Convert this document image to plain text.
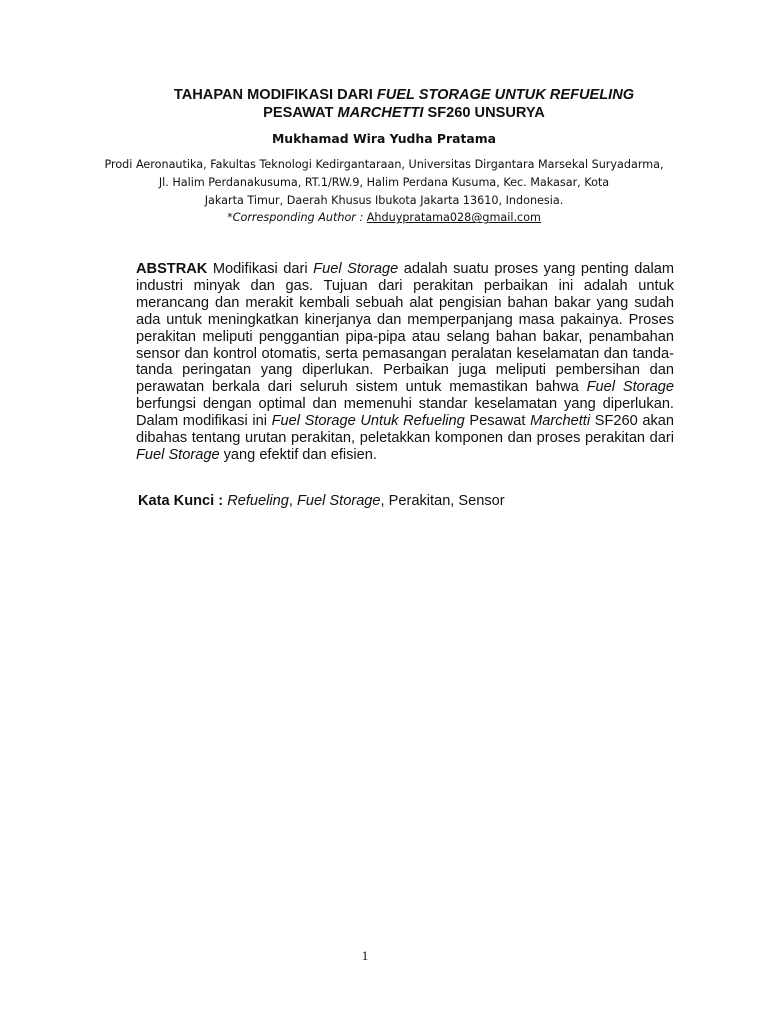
TAHAPAN MODIFIKASI DARI FUEL STORAGE UNTUK REFUELING
PESAWAT MARCHETTI SF260 UNSURYA
Mukhamad Wira Yudha Pratama
Prodi Aeronautika, Fakultas Teknologi Kedirgantaraan, Universitas Dirgantara Marsekal Suryadarma,
Jl. Halim Perdanakusuma, RT.1/RW.9, Halim Perdana Kusuma, Kec. Makasar, Kota
Jakarta Timur, Daerah Khusus Ibukota Jakarta 13610, Indonesia.
*Corresponding Author : Ahduypratama028@gmail.com

ABSTRAK Modifikasi dari Fuel Storage adalah suatu proses yang penting dalam industri minyak dan gas. Tujuan dari perakitan perbaikan ini adalah untuk merancang dan merakit kembali sebuah alat pengisian bahan bakar yang sudah ada untuk meningkatkan kinerjanya dan memperpanjang masa pakainya. Proses perakitan meliputi penggantian pipa-pipa atau selang bahan bakar, penambahan sensor dan kontrol otomatis, serta pemasangan peralatan keselamatan dan tanda-tanda peringatan yang diperlukan. Perbaikan juga meliputi pembersihan dan perawatan berkala dari seluruh sistem untuk memastikan bahwa Fuel Storage berfungsi dengan optimal dan memenuhi standar keselamatan yang diperlukan. Dalam modifikasi ini Fuel Storage Untuk Refueling Pesawat Marchetti SF260 akan dibahas tentang urutan perakitan, peletakkan komponen dan proses perakitan dari Fuel Storage yang efektif dan efisien.

Kata Kunci : Refueling, Fuel Storage, Perakitan, Sensor
1
